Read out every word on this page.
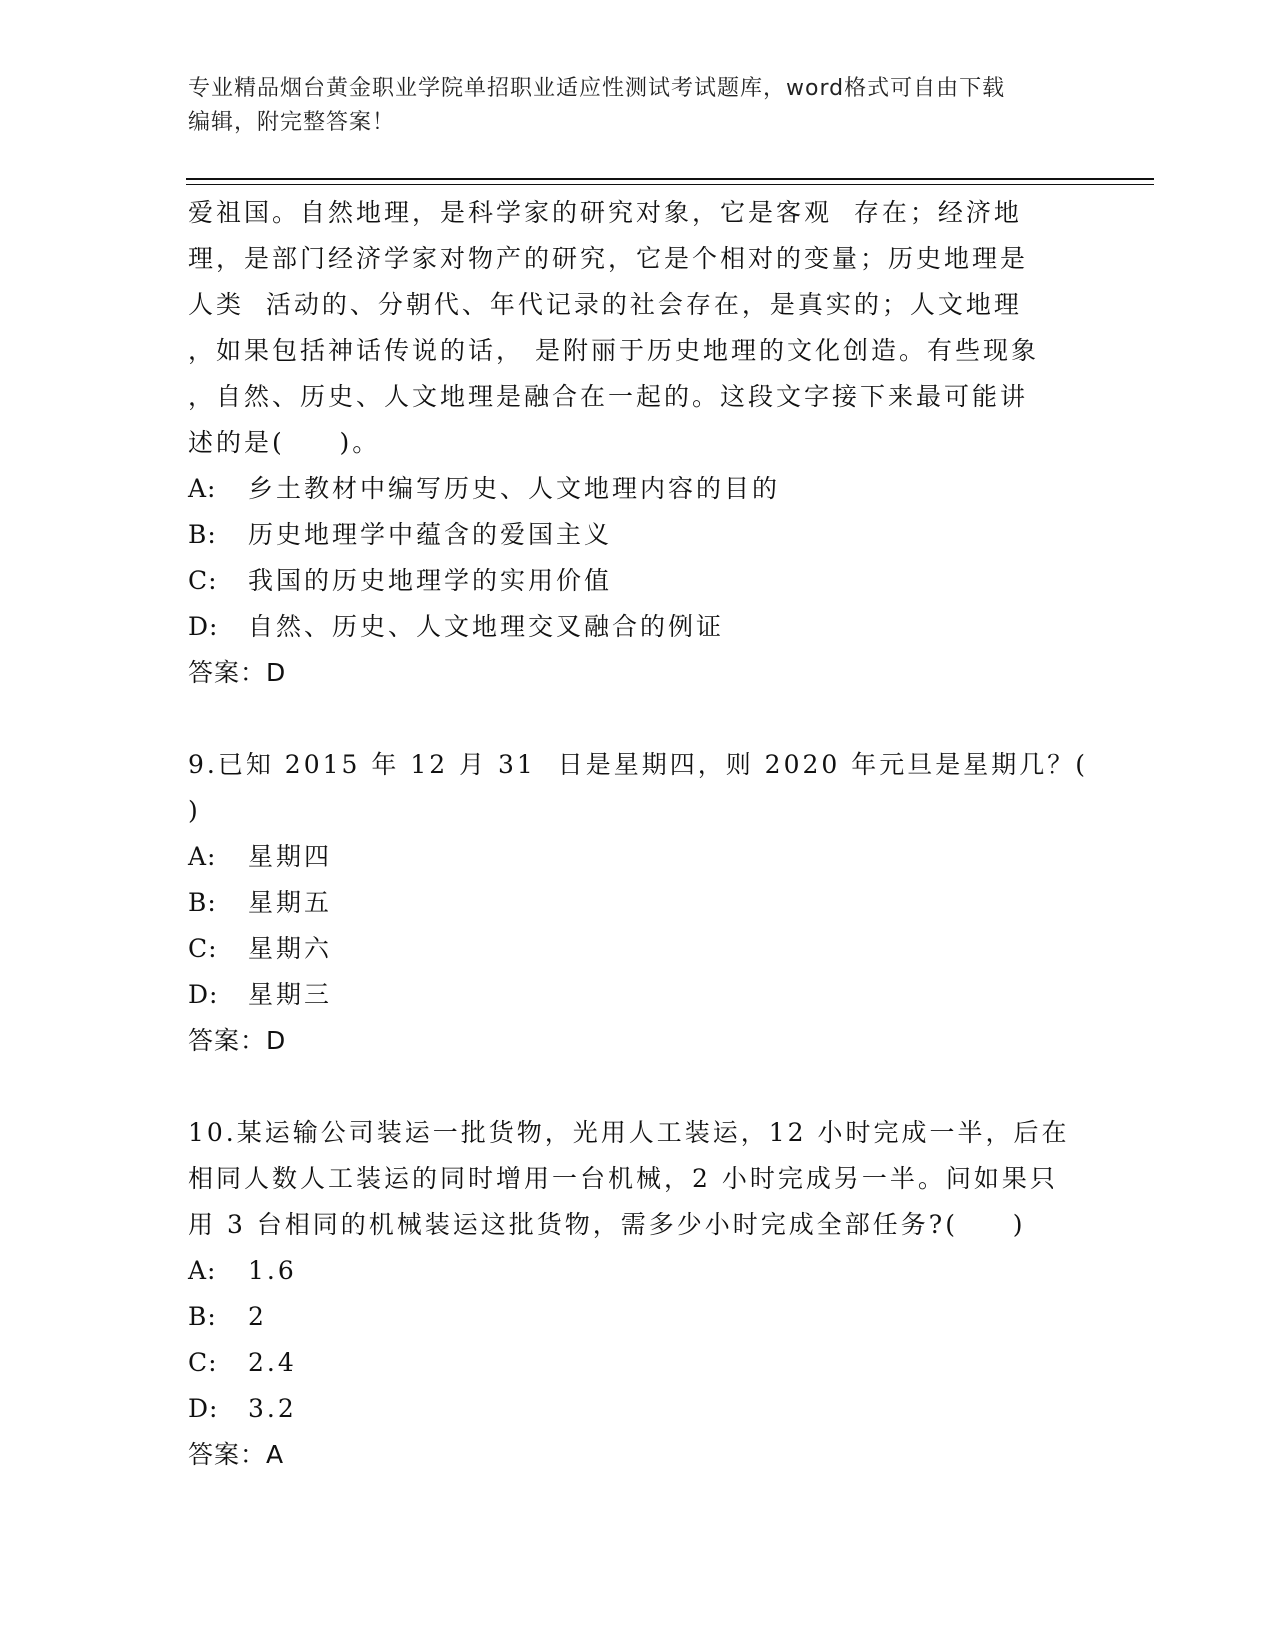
专业精品烟台黄金职业学院单招职业适应性测试考试题库，word格式可自由下载
编辑，附完整答案！
爱祖国。自然地理，是科学家的研究对象，它是客观  存在；经济地
理，是部门经济学家对物产的研究，它是个相对的变量；历史地理是
人类  活动的、分朝代、年代记录的社会存在，是真实的；人文地理
，如果包括神话传说的话， 是附丽于历史地理的文化创造。有些现象
，自然、历史、人文地理是融合在一起的。这段文字接下来最可能讲
述的是(     )。
A: 乡土教材中编写历史、人文地理内容的目的
B: 历史地理学中蕴含的爱国主义
C: 我国的历史地理学的实用价值
D: 自然、历史、人文地理交叉融合的例证
答案：D
9.已知 2015 年 12 月 31  日是星期四，则 2020 年元旦是星期几？(
)
A: 星期四
B: 星期五
C: 星期六
D: 星期三
答案：D
10.某运输公司装运一批货物，光用人工装运，12 小时完成一半，后在
相同人数人工装运的同时增用一台机械，2 小时完成另一半。问如果只
用 3 台相同的机械装运这批货物，需多少小时完成全部任务?(     )
A: 1.6
B: 2
C: 2.4
D: 3.2
答案：A
